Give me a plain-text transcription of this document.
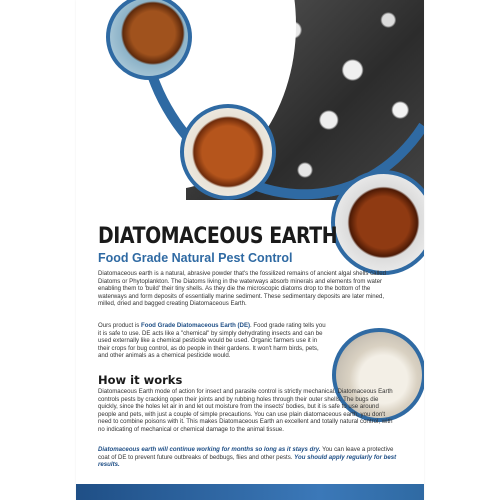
DIATOMACEOUS EARTH
Food Grade Natural Pest Control

Diatomaceous earth is a natural, abrasive powder that's the fossilized remains of ancient algal shells called Diatoms or Phytoplankton. The Diatoms living in the waterways absorb minerals and elements from water enabling them to 'build' their tiny shells. As they die the microscopic diatoms drop to the bottom of the waterways and form deposits of essentially marine sediment. These sedimentary deposits are later mined, milled, dried and bagged creating Diatomaceous Earth.

Ours product is Food Grade Diatomaceous Earth (DE). Food grade rating tells you it is safe to use. DE acts like a "chemical" by simply dehydrating insects and can be used externally like a chemical pesticide would be used. Organic farmers use it in their crops for bug control, as do people in their gardens. It won't harm birds, pets, and other animals as a chemical pesticide would.

How it works

Diatomaceous Earth mode of action for insect and parasite control is strictly mechanical. Diatomaceous Earth controls pests by cracking open their joints and by rubbing holes through their outer shells. The bugs die quickly, since the holes let air in and let out moisture from the insects' bodies, but it is safe to use around people and pets, with just a couple of simple precautions. You can use plain diatomaceous earth, you don't need to combine poisons with it. This makes Diatomaceous Earth an excellent and totally natural control, with no indicating of mechanical or chemical damage to the animal tissue.

Diatomaceous earth will continue working for months so long as it stays dry. You can leave a protective coat of DE to prevent future outbreaks of bedbugs, flies and other pests. You should apply regularly for best results.
